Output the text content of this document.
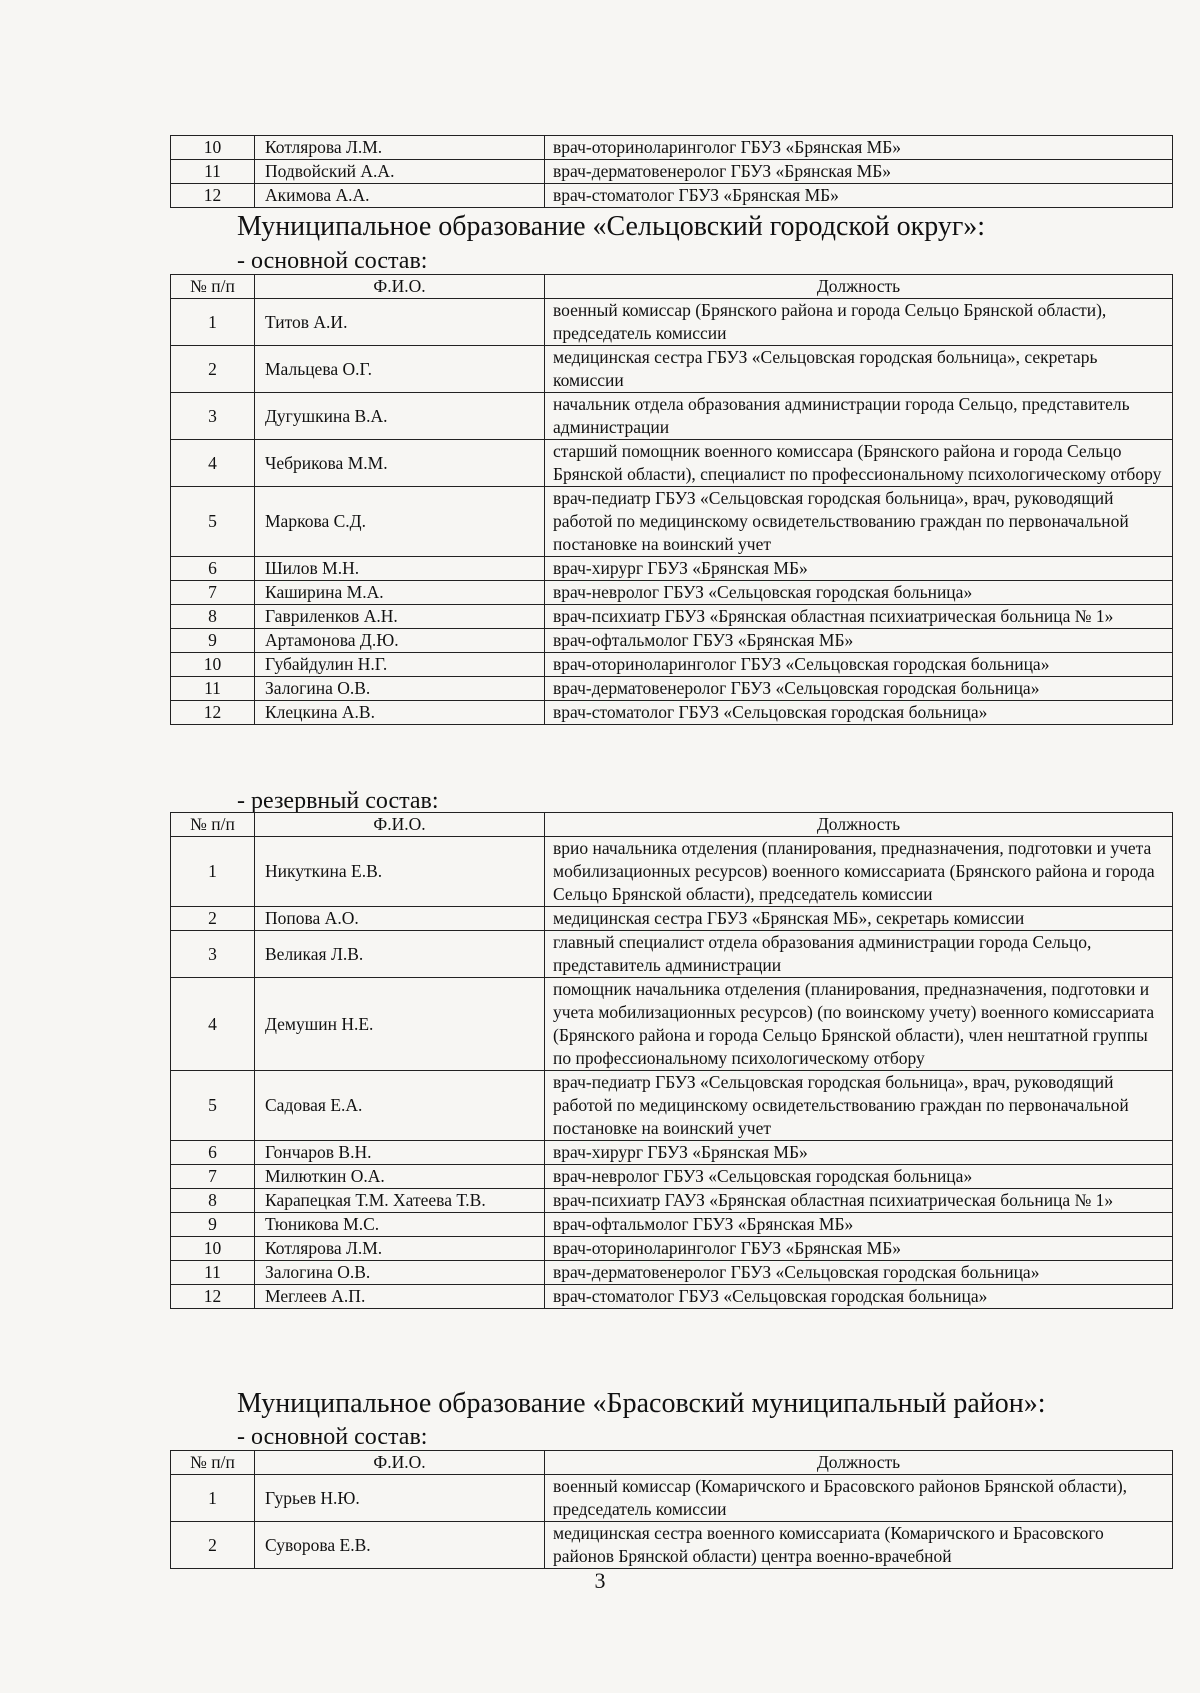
10	Котлярова Л.М.	врач-оториноларинголог ГБУЗ «Брянская МБ»
11	Подвойский А.А.	врач-дерматовенеролог ГБУЗ «Брянская МБ»
12	Акимова А.А.	врач-стоматолог ГБУЗ «Брянская МБ»
Муниципальное образование «Сельцовский городской округ»:
- основной состав:
№ п/п	Ф.И.О.	Должность
1	Титов А.И.	военный комиссар (Брянского района и города Сельцо Брянской области), председатель комиссии
2	Мальцева О.Г.	медицинская сестра ГБУЗ «Сельцовская городская больница», секретарь комиссии
3	Дугушкина В.А.	начальник отдела образования администрации города Сельцо, представитель администрации
4	Чебрикова М.М.	старший помощник военного комиссара (Брянского района и города Сельцо Брянской области), специалист по профессиональному психологическому отбору
5	Маркова С.Д.	врач-педиатр ГБУЗ «Сельцовская городская больница», врач, руководящий работой по медицинскому освидетельствованию граждан по первоначальной постановке на воинский учет
6	Шилов М.Н.	врач-хирург ГБУЗ «Брянская МБ»
7	Каширина М.А.	врач-невролог ГБУЗ «Сельцовская городская больница»
8	Гавриленков А.Н.	врач-психиатр ГБУЗ «Брянская областная психиатрическая больница № 1»
9	Артамонова Д.Ю.	врач-офтальмолог ГБУЗ «Брянская МБ»
10	Губайдулин Н.Г.	врач-оториноларинголог ГБУЗ «Сельцовская городская больница»
11	Залогина О.В.	врач-дерматовенеролог ГБУЗ «Сельцовская городская больница»
12	Клецкина А.В.	врач-стоматолог ГБУЗ «Сельцовская городская больница»
- резервный состав:
№ п/п	Ф.И.О.	Должность
1	Никуткина Е.В.	врио начальника отделения (планирования, предназначения, подготовки и учета мобилизационных ресурсов) военного комиссариата (Брянского района и города Сельцо Брянской области), председатель комиссии
2	Попова А.О.	медицинская сестра ГБУЗ «Брянская МБ», секретарь комиссии
3	Великая Л.В.	главный специалист отдела образования администрации города Сельцо, представитель администрации
4	Демушин Н.Е.	помощник начальника отделения (планирования, предназначения, подготовки и учета мобилизационных ресурсов) (по воинскому учету) военного комиссариата (Брянского района и города Сельцо Брянской области), член нештатной группы по профессиональному психологическому отбору
5	Садовая Е.А.	врач-педиатр ГБУЗ «Сельцовская городская больница», врач, руководящий работой по медицинскому освидетельствованию граждан по первоначальной постановке на воинский учет
6	Гончаров В.Н.	врач-хирург ГБУЗ «Брянская МБ»
7	Милюткин О.А.	врач-невролог ГБУЗ «Сельцовская городская больница»
8	Карапецкая Т.М. Хатеева Т.В.	врач-психиатр ГАУЗ «Брянская областная психиатрическая больница № 1»
9	Тюникова М.С.	врач-офтальмолог ГБУЗ «Брянская МБ»
10	Котлярова Л.М.	врач-оториноларинголог ГБУЗ «Брянская МБ»
11	Залогина О.В.	врач-дерматовенеролог ГБУЗ «Сельцовская городская больница»
12	Меглеев А.П.	врач-стоматолог ГБУЗ «Сельцовская городская больница»
Муниципальное образование «Брасовский муниципальный район»:
- основной состав:
№ п/п	Ф.И.О.	Должность
1	Гурьев Н.Ю.	военный комиссар (Комаричского и Брасовского районов Брянской области), председатель комиссии
2	Суворова Е.В.	медицинская сестра военного комиссариата (Комаричского и Брасовского районов Брянской области) центра военно-врачебной
3
